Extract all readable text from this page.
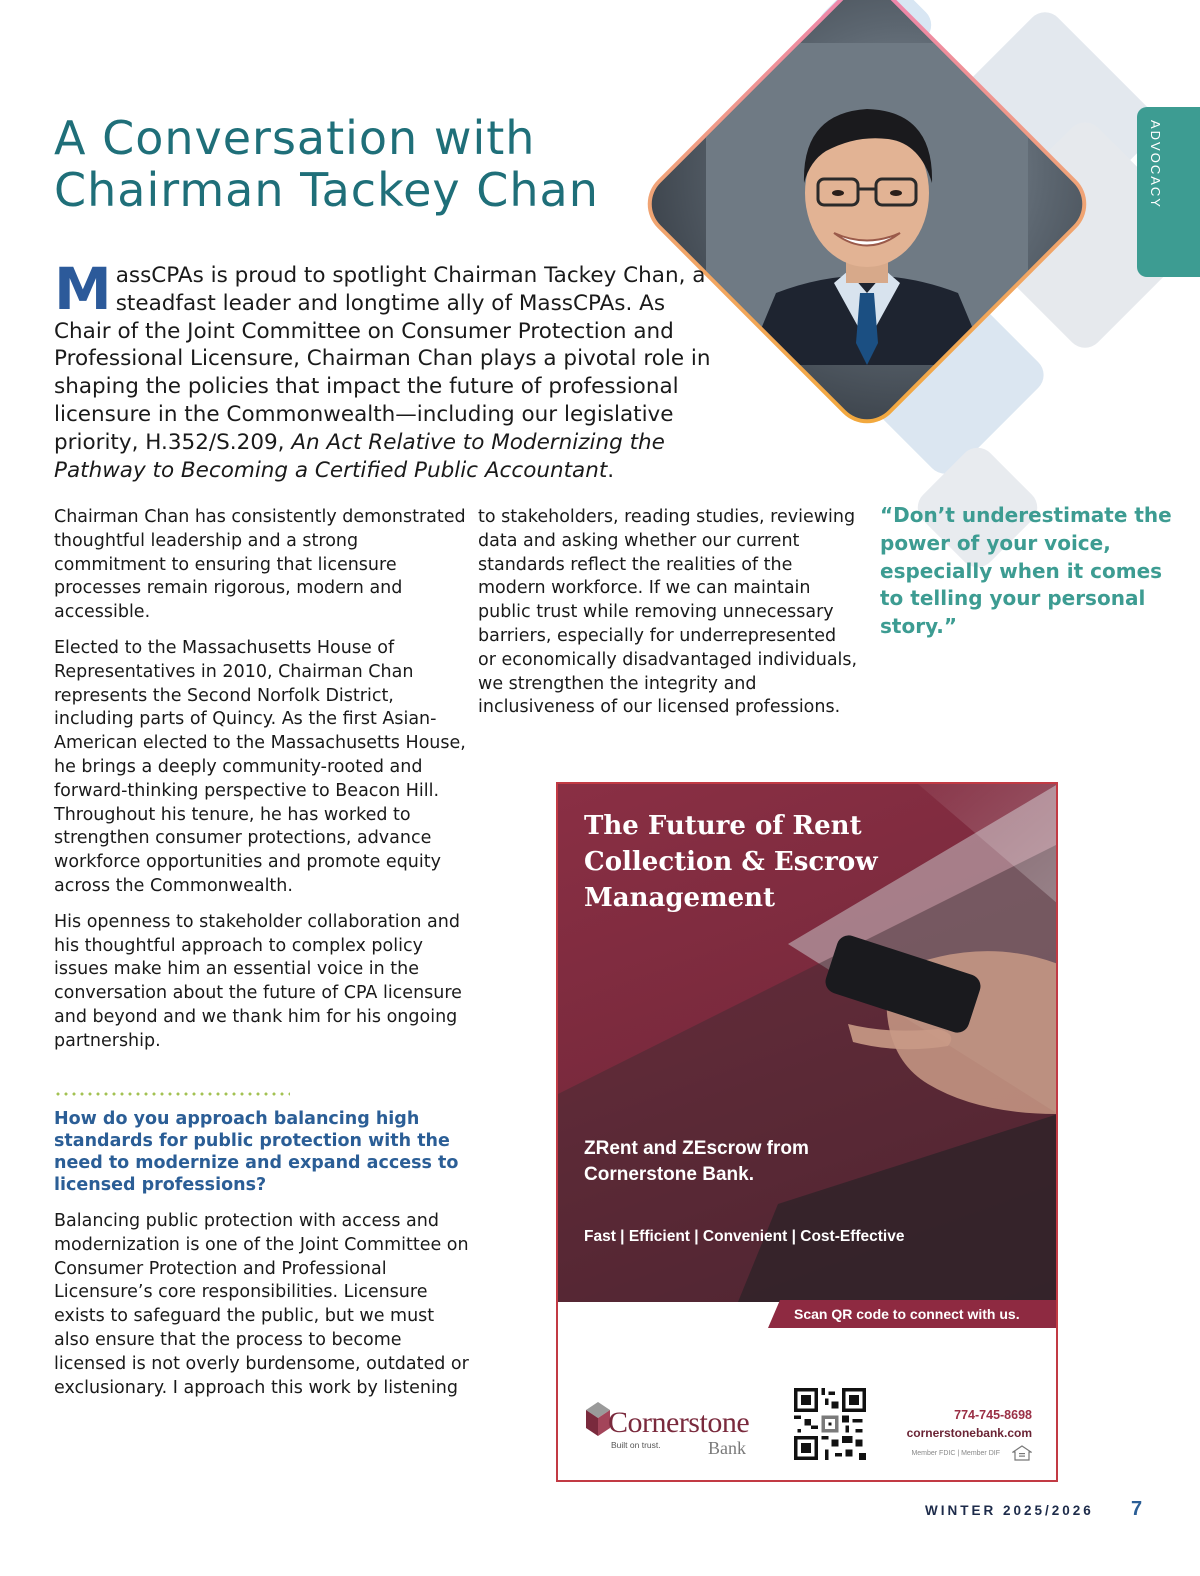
ADVOCACY
A Conversation with
Chairman Tackey Chan

MassCPAs is proud to spotlight Chairman Tackey Chan, a steadfast leader and longtime ally of MassCPAs. As Chair of the Joint Committee on Consumer Protection and Professional Licensure, Chairman Chan plays a pivotal role in shaping the policies that impact the future of professional licensure in the Commonwealth—including our legislative priority, H.352/S.209, An Act Relative to Modernizing the Pathway to Becoming a Certified Public Accountant.

Chairman Chan has consistently demonstrated thoughtful leadership and a strong commitment to ensuring that licensure processes remain rigorous, modern and accessible.

Elected to the Massachusetts House of Representatives in 2010, Chairman Chan represents the Second Norfolk District, including parts of Quincy. As the first Asian-American elected to the Massachusetts House, he brings a deeply community-rooted and forward-thinking perspective to Beacon Hill. Throughout his tenure, he has worked to strengthen consumer protections, advance workforce opportunities and promote equity across the Commonwealth.

His openness to stakeholder collaboration and his thoughtful approach to complex policy issues make him an essential voice in the conversation about the future of CPA licensure and beyond and we thank him for his ongoing partnership.

How do you approach balancing high standards for public protection with the need to modernize and expand access to licensed professions?

Balancing public protection with access and modernization is one of the Joint Committee on Consumer Protection and Professional Licensure’s core responsibilities. Licensure exists to safeguard the public, but we must also ensure that the process to become licensed is not overly burdensome, outdated or exclusionary. I approach this work by listening

to stakeholders, reading studies, reviewing data and asking whether our current standards reflect the realities of the modern workforce. If we can maintain public trust while removing unnecessary barriers, especially for underrepresented or economically disadvantaged individuals, we strengthen the integrity and inclusiveness of our licensed professions.

“Don’t underestimate the power of your voice, especially when it comes to telling your personal story.”

The Future of Rent Collection & Escrow Management

ZRent and ZEscrow from Cornerstone Bank.

Fast | Efficient | Convenient | Cost-Effective

Scan QR code to connect with us.

Cornerstone

Built on trust.	Bank

774-745-8698

cornerstonebank.com

Member FDIC | Member DIF

WINTER 2025/2026 7
